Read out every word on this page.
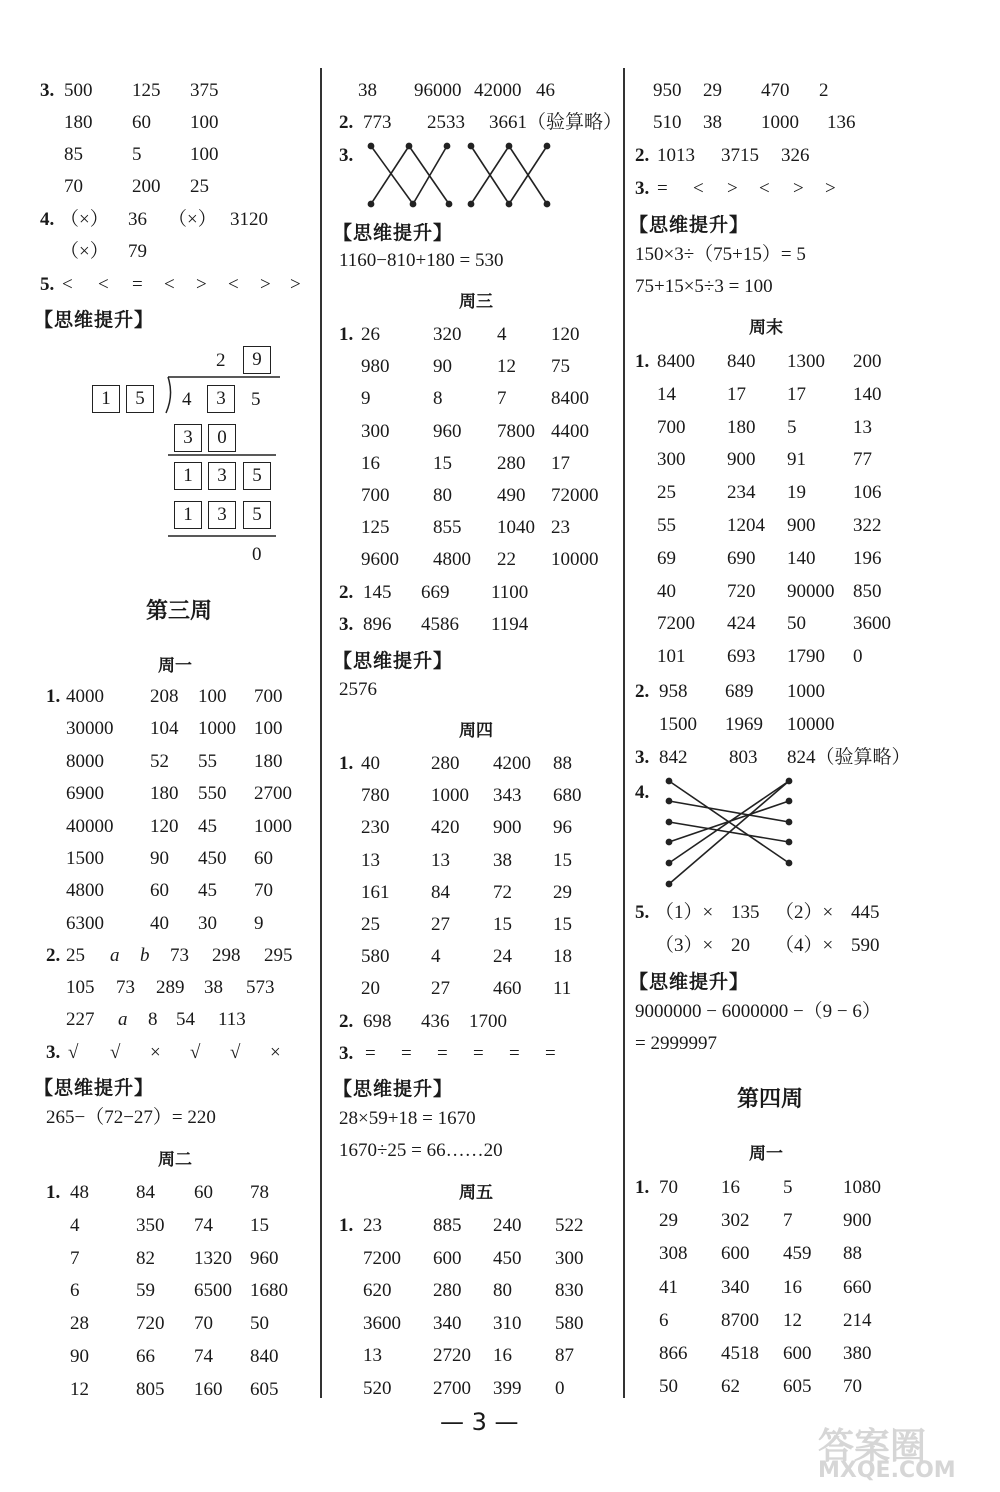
3. 500 125 375
180 60 100
85	5	100
70	200 25
4. （×） 36 （×） 3120
（×） 79
5. < < = < > < > >
【思维提升】
2	9
1	5	4	3	5
3	0
1	3	5
1	3	5
0
第三周
周一
1. 4000 208 100 700
30000 104 1000 100
8000 52 55 180
6900 180 550 2700
40000 120 45 1000
1500 90 450 60
4800 60 45 70
6300 40 30 9
2. 25 a b 73 298 295
105 73 289 38 573
227 a 8 54 113
3. √ √ × √ √ ×
【思维提升】
265−（72−27）= 220
周二
1. 48 84 60 78
4	350 74 15
7	82 1320 960
6	59 6500 1680
28 720 70 50
90 66 74 840
12 805 160 605
38 96000 42000 46
2. 773 2533 3661（验算略）
3.
【思维提升】
1160−810+180 = 530
周三
1. 26	320 4 120
980 90 12 75
9	8	7 8400
300 960 7800 4400
16	15 280 17
700 80 490 72000
125 855 1040 23
9600 4800 22 10000
2. 145 669 1100
3. 896 4586 1194
【思维提升】
2576
周四
1. 40	280 4200 88
780 1000 343 680
230 420 900 96
13	13 38 15
161 84 72 29
25	27 15 15
580 4	24 18
20	27 460 11
2. 698 436 1700
3. = = = = = =
【思维提升】
28×59+18 = 1670
1670÷25 = 66……20
周五
1. 23	885 240 522
7200 600 450 300
620 280 80 830
3600 340 310 580
13	2720 16 87
520 2700 399 0
950 29 470 2
510 38 1000 136
2. 1013 3715 326
3. = < > < > >
【思维提升】
150×3÷（75+15）= 5
75+15×5÷3 = 100
周末
1. 8400 840 1300 200
14	17 17 140
700 180 5	13
300 900 91 77
25	234 19 106
55	1204 900 322
69	690 140 196
40	720 90000 850
7200 424 50 3600
101 693 1790 0
2. 958 689 1000
1500 1969 10000
3. 842 803 824（验算略）
4.
5. （1）× 135 （2）× 445
（3）× 20 （4）× 590
【思维提升】
9000000 − 6000000 −（9 − 6）
= 2999997
第四周
周一
1. 70 16 5	1080
29 302 7	900
308 600 459 88
41 340 16 660
6	8700 12 214
866 4518 600 380
50 62 605 70
— 3 —
答案圈
MXQE.COM
